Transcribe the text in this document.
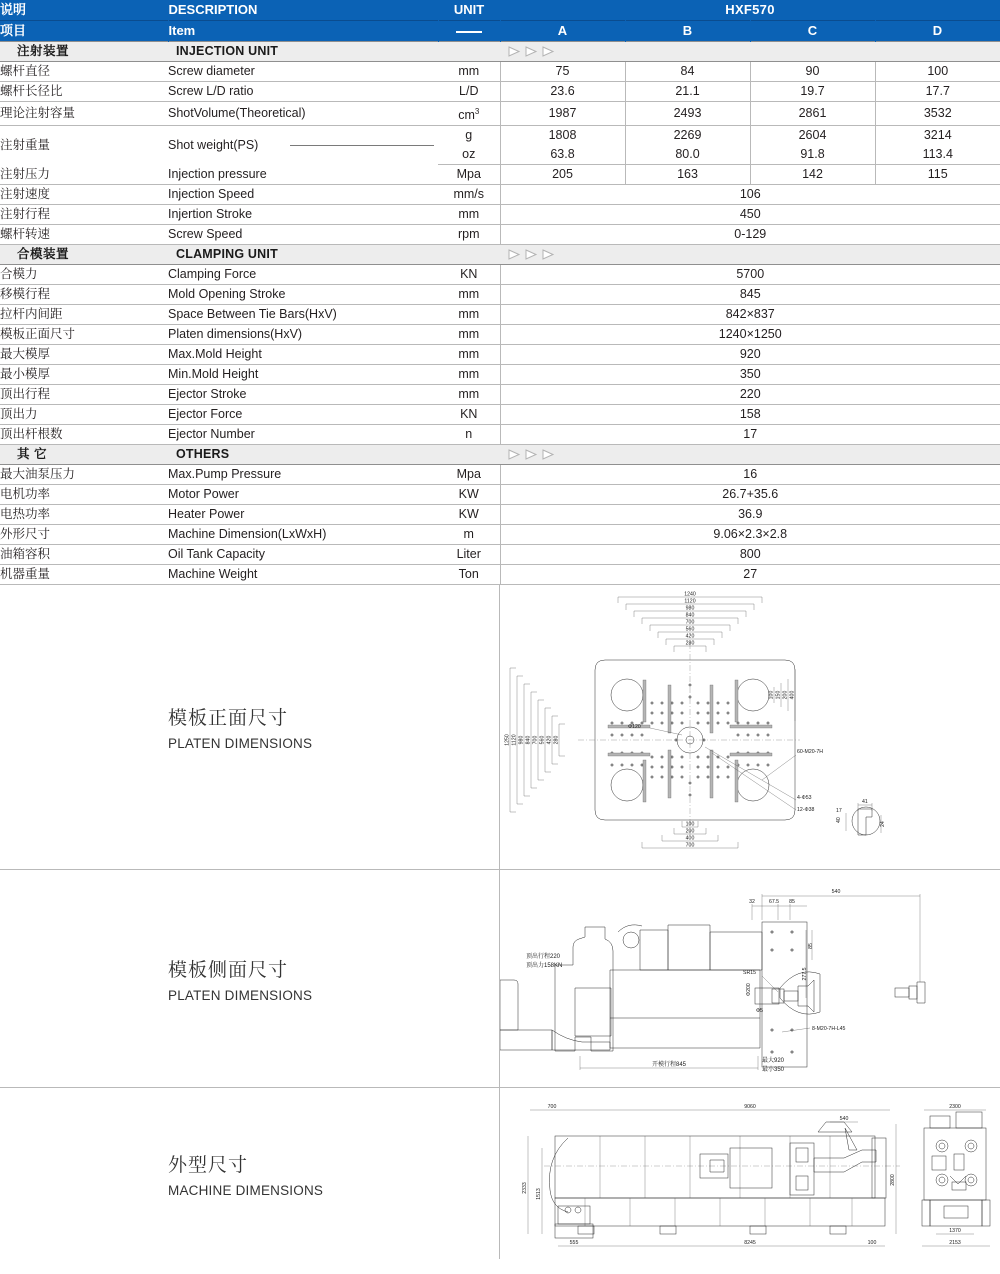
说明	DESCRIPTION	UNIT	HXF570			
项目	Item		A	B	C	D
注射装置	INJECTION UNIT		

螺杆直径	Screw diameter	mm	75	84	90	100
螺杆长径比	Screw L/D ratio	L/D	23.6	21.1	19.7	17.7
理论注射容量	ShotVolume(Theoretical)	$cm^3$	1987	2493	2861	3532
注射重量	Shot weight(PS)	g	1808	2269	2604	3214
		oz	63.8	80.0	91.8	113.4
注射压力	Injection pressure	Mpa	205	163	142	115
注射速度	Injection Speed	mm/s	106			
注射行程	Injertion Stroke	mm	450			
螺杆转速	Screw Speed	rpm	0-129			
合模装置	CLAMPING UNIT		

合模力	Clamping Force	KN	5700			
移模行程	Mold Opening Stroke	mm	845			
拉杆内间距	Space Between Tie Bars(HxV)	mm	842×837			
模板正面尺寸	Platen dimensions(HxV)	mm	1240×1250			
最大模厚	Max.Mold Height	mm	920			
最小模厚	Min.Mold Height	mm	350			
顶出行程	Ejector Stroke	mm	220			
顶出力	Ejector Force	KN	158			
顶出杆根数	Ejector Number	n	17			
其 它	OTHERS		

最大油泵压力	Max.Pump Pressure	Mpa	16			
电机功率	Motor Power	KW	26.7+35.6			
电热功率	Heater Power	KW	36.9			
外形尺寸	Machine Dimension(LxWxH)	m	9.06×2.3×2.8			
油箱容积	Oil Tank Capacity	Liter	800			
机器重量	Machine Weight	Ton	27			
模板正面尺寸
PLATEN DIMENSIONS
1240
1120
980
840
700
560
420
280
1250 1120 980 840 700 560 420 280
100 150 200 400
100
200
400
700
60-M20-7H
4-Φ53
12-Φ38
Φ120
41
17
40
24
模板侧面尺寸
PLATEN DIMENSIONS
540
32	67.5 85
85
277.5
SR15
Φ200
Φ5
8-M20-7H-L45
顶出行程220
顶出力158KN
开模行程845
最大920
最小350
外型尺寸
MACHINE DIMENSIONS	2333
1513
700	9060
555	8245
540
2800
100
2300
1370
2153
